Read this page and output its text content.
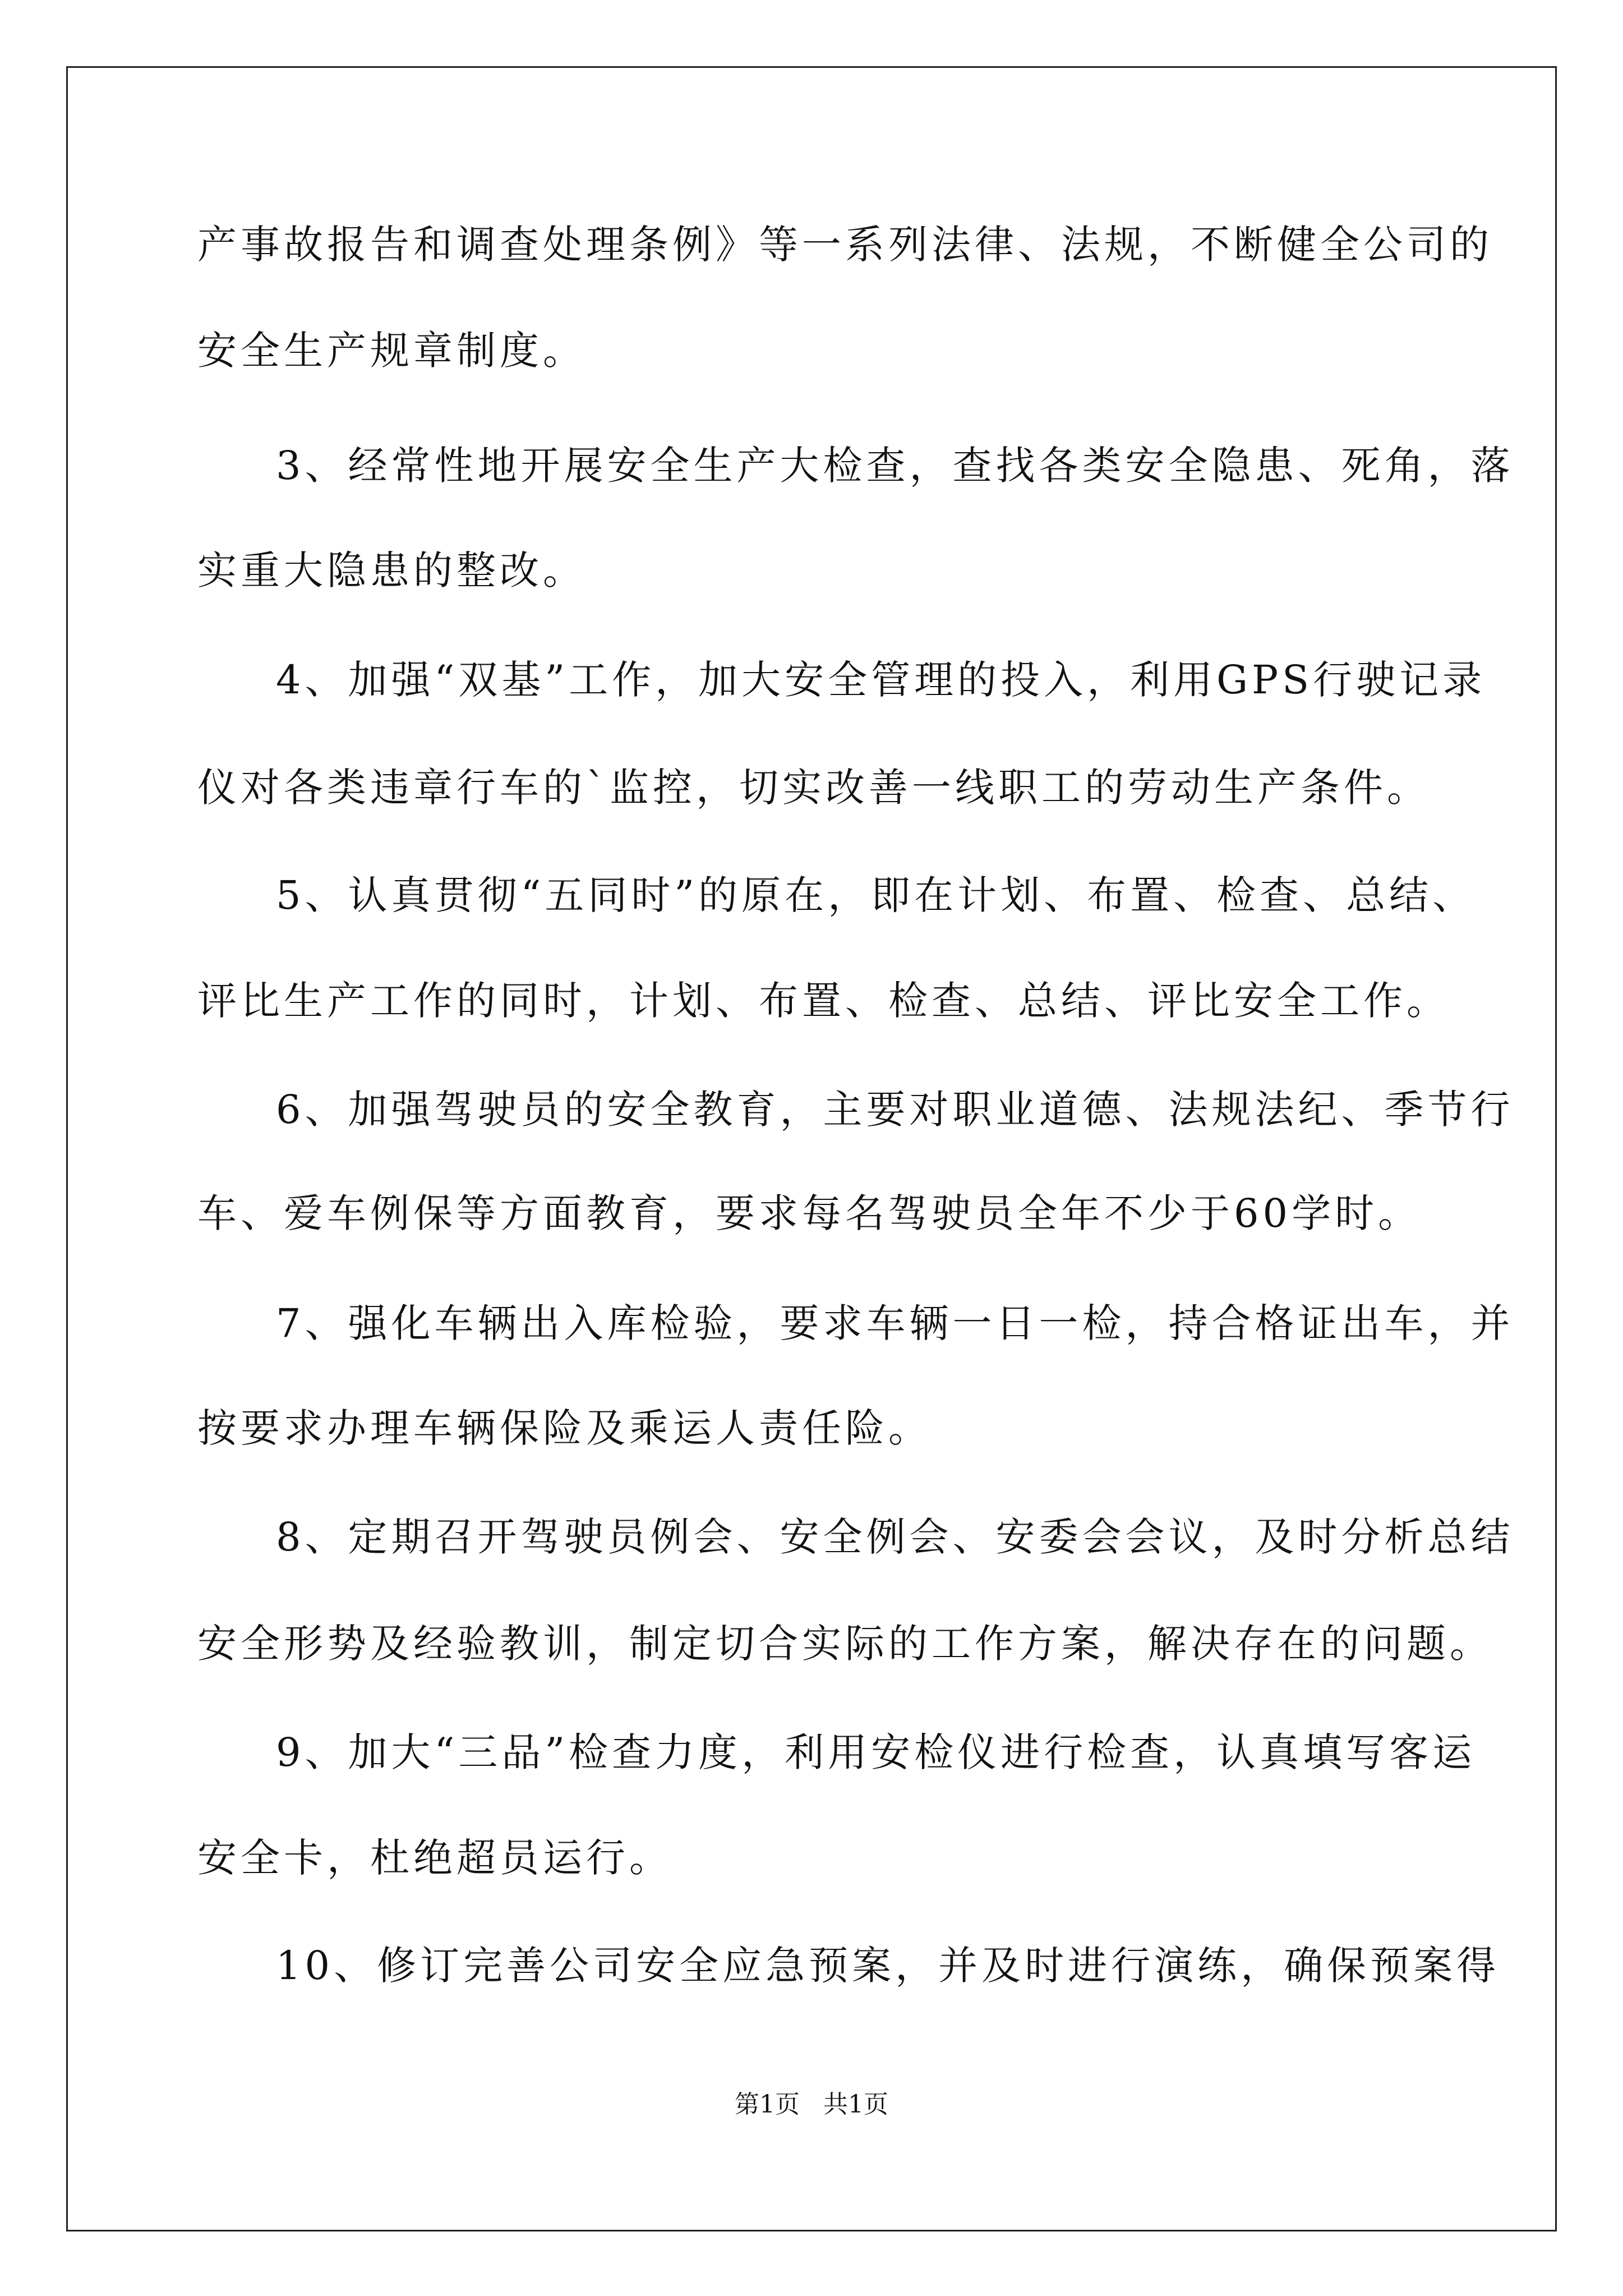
产事故报告和调查处理条例》等一系列法律、法规，不断健全公司的
安全生产规章制度。
3、经常性地开展安全生产大检查，查找各类安全隐患、死角，落
实重大隐患的整改。
4、加强“双基”工作，加大安全管理的投入，利用GPS行驶记录
仪对各类违章行车的`监控，切实改善一线职工的劳动生产条件。
5、认真贯彻“五同时”的原在，即在计划、布置、检查、总结、
评比生产工作的同时，计划、布置、检查、总结、评比安全工作。
6、加强驾驶员的安全教育，主要对职业道德、法规法纪、季节行
车、爱车例保等方面教育，要求每名驾驶员全年不少于60学时。
7、强化车辆出入库检验，要求车辆一日一检，持合格证出车，并
按要求办理车辆保险及乘运人责任险。
8、定期召开驾驶员例会、安全例会、安委会会议，及时分析总结
安全形势及经验教训，制定切合实际的工作方案，解决存在的问题。
9、加大“三品”检查力度，利用安检仪进行检查，认真填写客运
安全卡，杜绝超员运行。
10、修订完善公司安全应急预案，并及时进行演练，确保预案得
第1页   共1页
